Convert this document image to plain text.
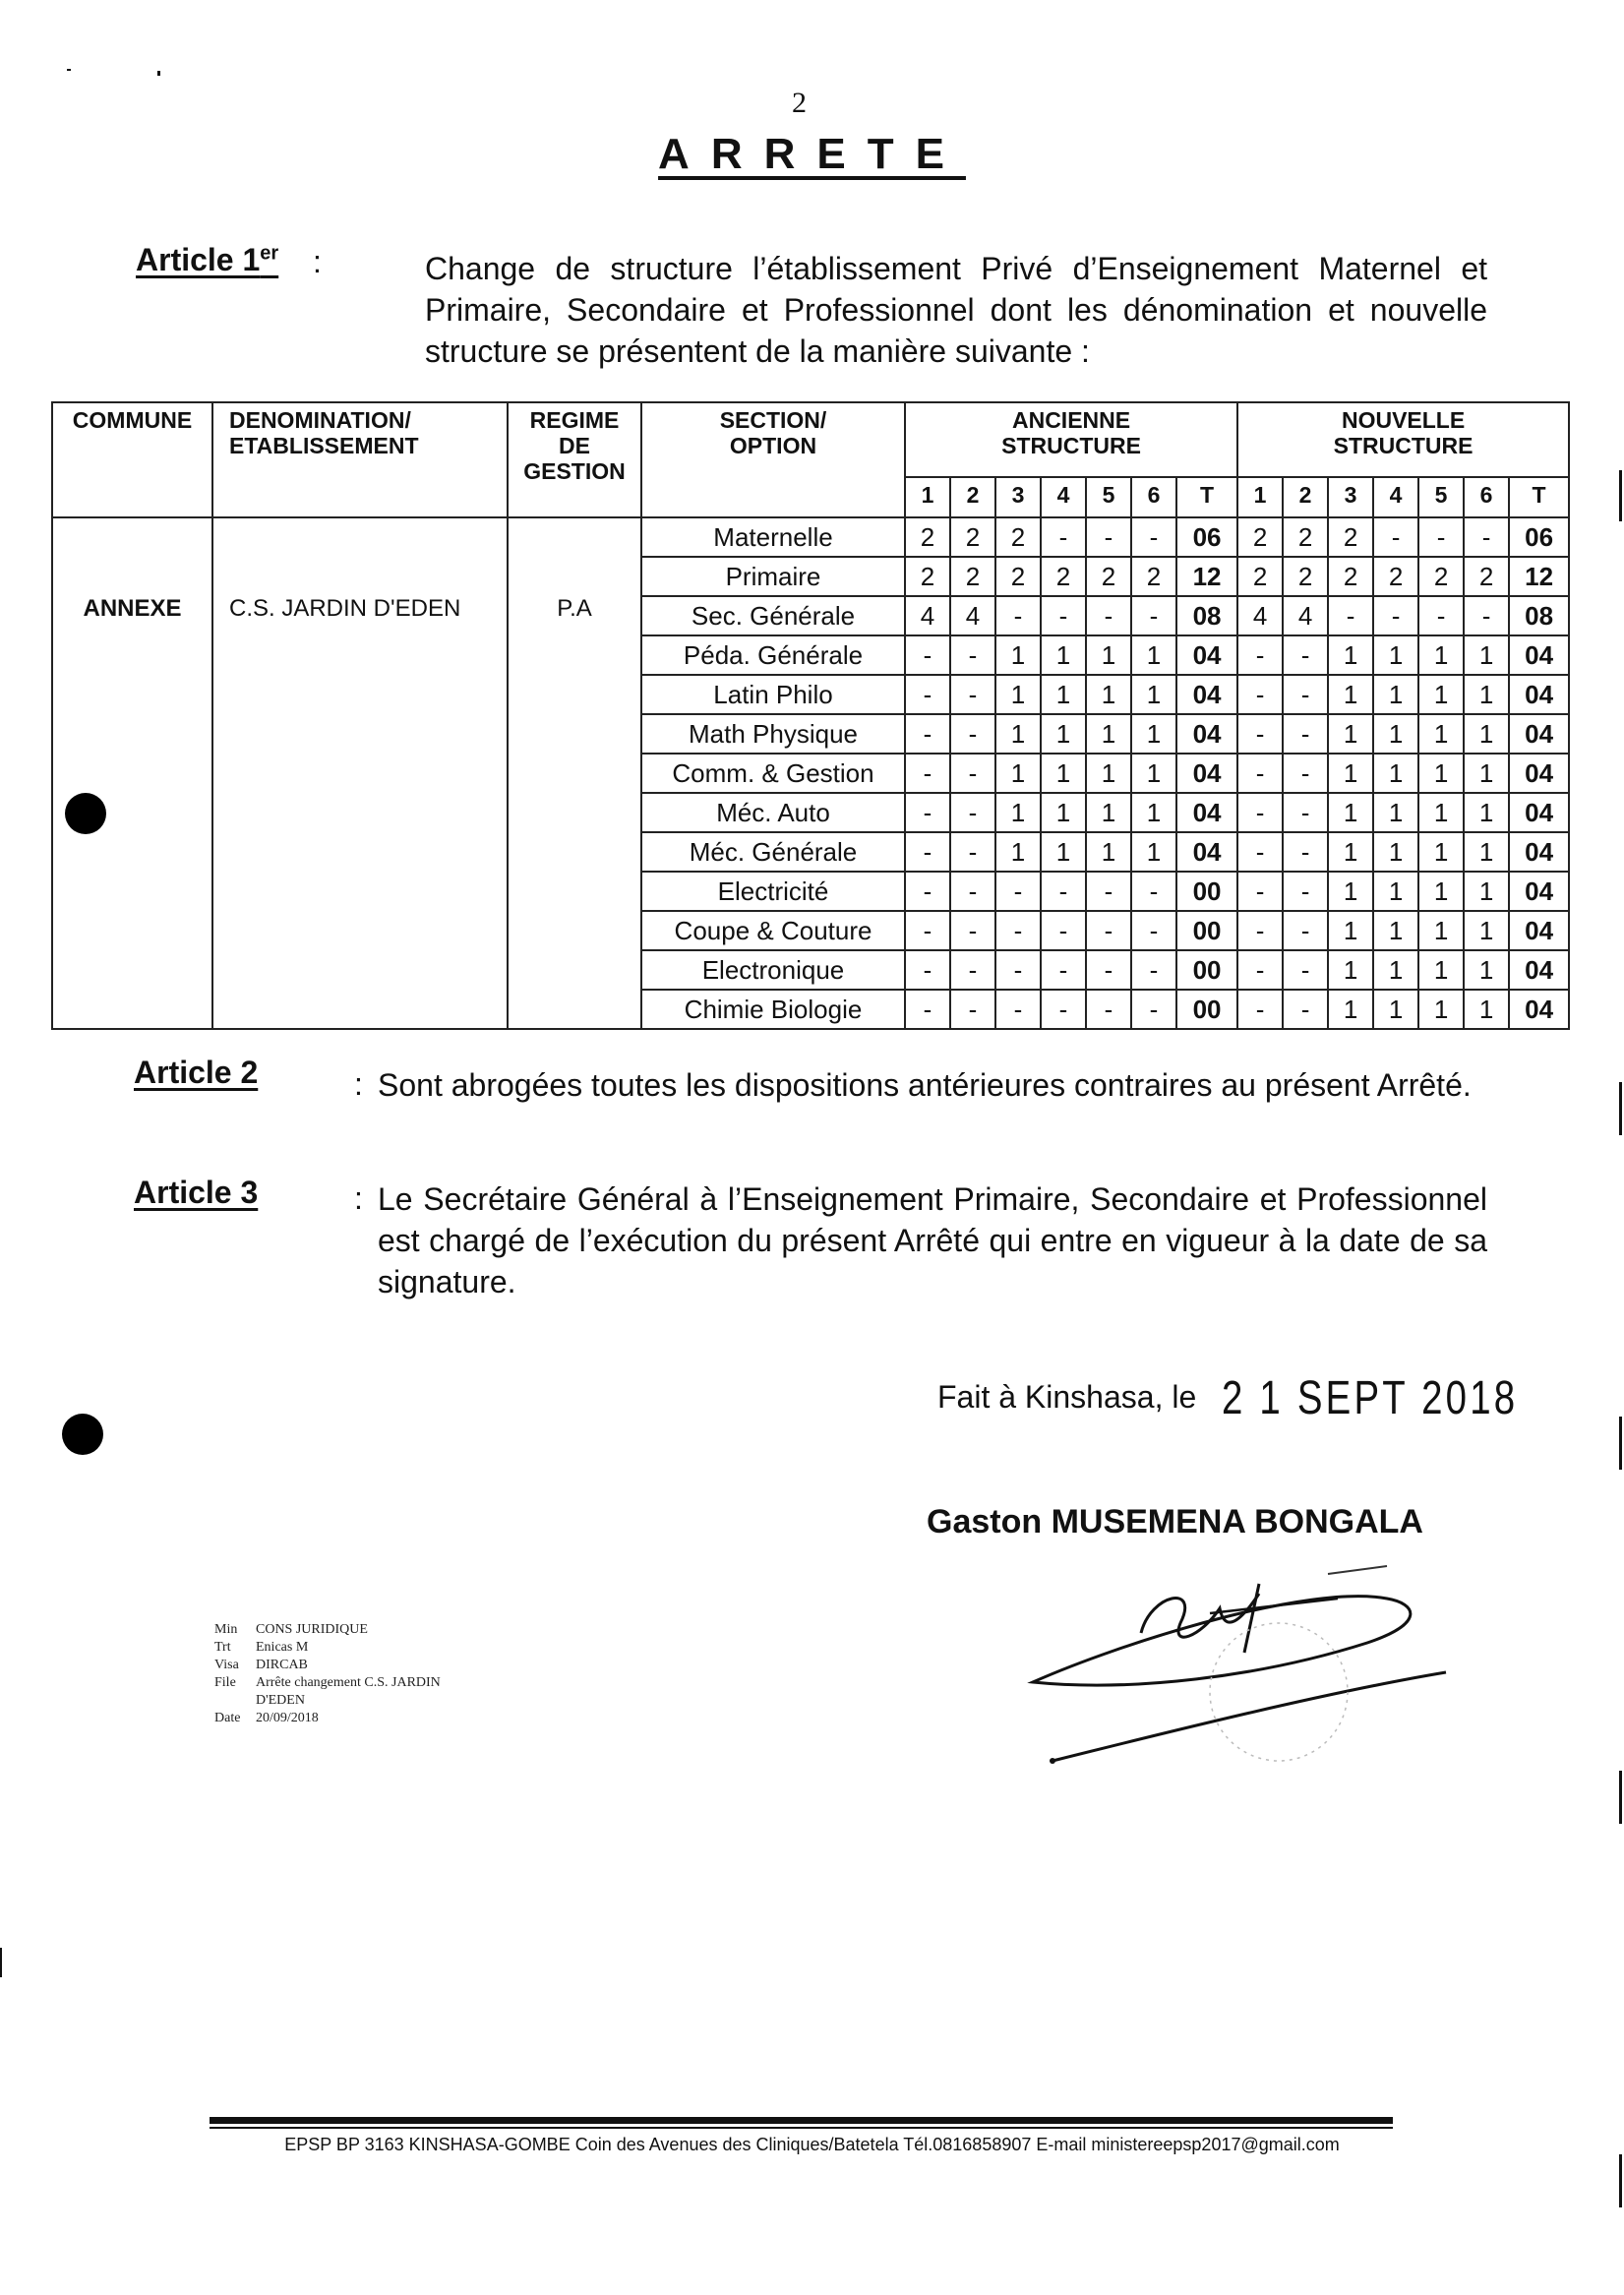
2
ARRETE
Article 1er :	Change de structure l’établissement Privé d’Enseignement Maternel et Primaire, Secondaire et Professionnel dont les dénomination et nouvelle structure se présentent de la manière suivante :
COMMUNE	DENOMINATION/ ETABLISSEMENT	REGIME DE GESTION	SECTION/ OPTION	ANCIENNE STRUCTURE							NOUVELLE STRUCTURE						
				1	2	3	4	5	6	T	1	2	3	4	5	6	T

ANNEXE	C.S. JARDIN D'EDEN	P.A	Maternelle	2	2	2	-	-	-	06	2	2	2	-	-	-	06
			Primaire	2	2	2	2	2	2	12	2	2	2	2	2	2	12
			Sec. Générale	4	4	-	-	-	-	08	4	4	-	-	-	-	08
			Péda. Générale	-	-	1	1	1	1	04	-	-	1	1	1	1	04
			Latin Philo	-	-	1	1	1	1	04	-	-	1	1	1	1	04
			Math Physique	-	-	1	1	1	1	04	-	-	1	1	1	1	04
			Comm. & Gestion	-	-	1	1	1	1	04	-	-	1	1	1	1	04
			Méc. Auto	-	-	1	1	1	1	04	-	-	1	1	1	1	04
			Méc. Générale	-	-	1	1	1	1	04	-	-	1	1	1	1	04
			Electricité	-	-	-	-	-	-	00	-	-	1	1	1	1	04
			Coupe & Couture	-	-	-	-	-	-	00	-	-	1	1	1	1	04
			Electronique	-	-	-	-	-	-	00	-	-	1	1	1	1	04
			Chimie Biologie	-	-	-	-	-	-	00	-	-	1	1	1	1	04
Article 2	: Sont abrogées toutes les dispositions antérieures contraires au présent Arrêté.
Article 3	: Le Secrétaire Général à l’Enseignement Primaire, Secondaire et Professionnel est chargé de l’exécution du présent Arrêté qui entre en vigueur à la date de sa signature.
Fait à Kinshasa, le 2 1 SEPT 2018
Gaston MUSEMENA BONGALA
Min	CONS JURIDIQUE
Trt	Enicas M
Visa	DIRCAB
File	Arrête changement C.S. JARDIN
D'EDEN
Date	20/09/2018
EPSP BP 3163 KINSHASA-GOMBE Coin des Avenues des Cliniques/Batetela Tél.0816858907 E-mail ministereepsp2017@gmail.com
